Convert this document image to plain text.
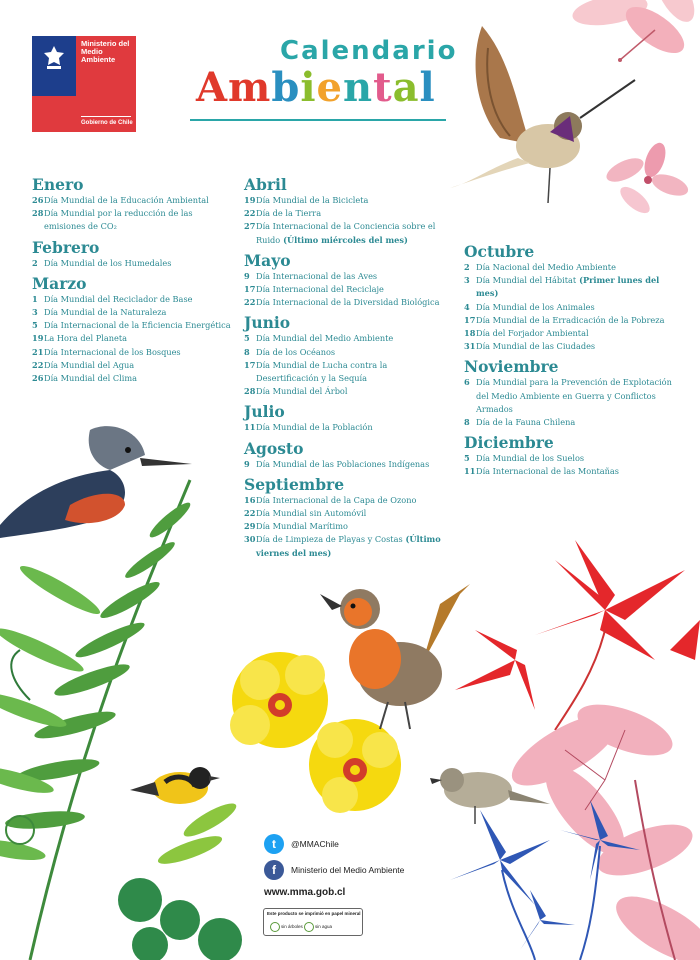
Ministerio del Medio Ambiente
Gobierno de Chile
Calendario
Ambiental
Enero
26 Día Mundial de la Educación Ambiental
28 Día Mundial por la reducción de las
emisiones de CO₂
Febrero
2 Día Mundial de los Humedales
Marzo
1 Día Mundial del Reciclador de Base
3 Día Mundial de la Naturaleza
5 Día Internacional de la Eficiencia Energética
19 La Hora del Planeta
21 Día Internacional de los Bosques
22 Día Mundial del Agua
26 Día Mundial del Clima
Abril
19 Día Mundial de la Bicicleta
22 Día de la Tierra
27 Día Internacional de la Conciencia sobre el
Ruido (Último miércoles del mes)
Mayo
9 Día Internacional de las Aves
17 Día Internacional del Reciclaje
22 Día Internacional de la Diversidad Biológica
Junio
5 Día Mundial del Medio Ambiente
8 Día de los Océanos
17 Día Mundial de Lucha contra la
Desertificación y la Sequía
28 Día Mundial del Árbol
Julio
11 Día Mundial de la Población
Agosto
9 Día Mundial de las Poblaciones Indígenas
Septiembre
16 Día Internacional de la Capa de Ozono
22 Día Mundial sin Automóvil
29 Día Mundial Marítimo
30 Día de Limpieza de Playas y Costas (Último
viernes del mes)
Octubre
2 Día Nacional del Medio Ambiente
3 Día Mundial del Hábitat (Primer lunes del
mes)
4 Día Mundial de los Animales
17 Día Mundial de la Erradicación de la Pobreza
18 Día del Forjador Ambiental
31 Día Mundial de las Ciudades
Noviembre
6 Día Mundial para la Prevención de Explotación
del Medio Ambiente en Guerra y Conflictos
Armados
8 Día de la Fauna Chilena
Diciembre
5 Día Mundial de los Suelos
11 Día Internacional de las Montañas
t	@MMAChile
f	Ministerio del Medio Ambiente
www.mma.gob.cl
Este producto se imprimió en papel mineral
sin árboles	sin agua
